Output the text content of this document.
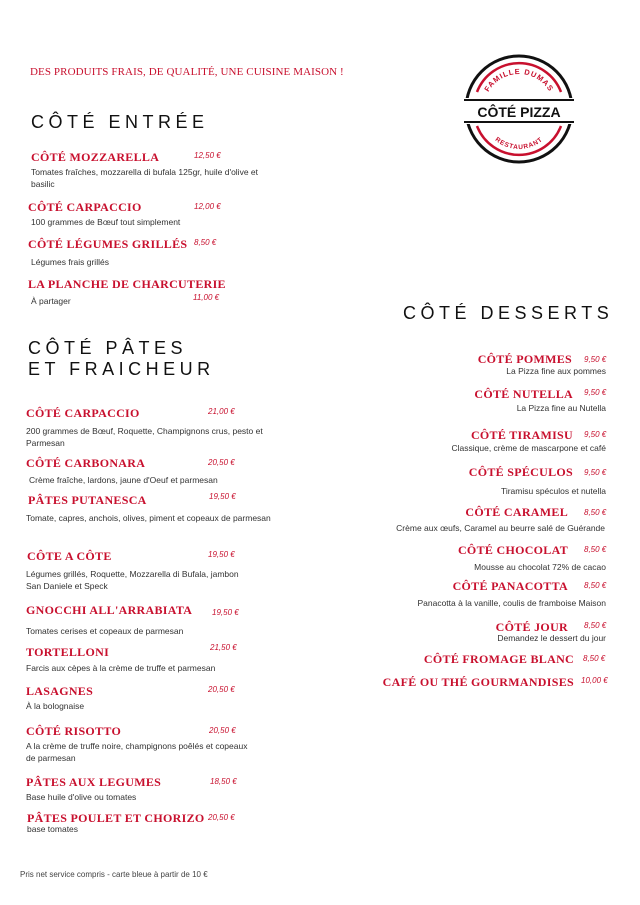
DES PRODUITS FRAIS, DE QUALITÉ, UNE CUISINE MAISON !
FAMILLE DUMAS
CÔTÉ PIZZA
RESTAURANT
CÔTÉ ENTRÉE
CÔTÉ MOZZARELLA	12,50 €
Tomates fraîches, mozzarella di bufala 125gr, huile d'olive et basilic
CÔTÉ CARPACCIO	12,00 €
100 grammes de Bœuf tout simplement
CÔTÉ LÉGUMES GRILLÉS 8,50 €
Légumes frais grillés
LA PLANCHE DE CHARCUTERIE
11,00 €
À partager
CÔTÉ PÂTES
ET FRAICHEUR
CÔTÉ CARPACCIO	21,00 €
200 grammes de Bœuf, Roquette, Champignons crus, pesto et Parmesan
CÔTÉ CARBONARA	20,50 €
Crème fraîche, lardons, jaune d'Oeuf et parmesan
PÂTES PUTANESCA	19,50 €
Tomate, capres, anchois, olives, piment et copeaux de parmesan
CÔTE A CÔTE	19,50 €
Légumes grillés, Roquette, Mozzarella di Bufala, jambon San Daniele et Speck
GNOCCHI ALL'ARRABIATA 19,50 €
Tomates cerises et copeaux de parmesan
TORTELLONI	21,50 €
Farcis aux cèpes à la crème de truffe et parmesan
LASAGNES	20,50 €
À la bolognaise
CÔTÉ RISOTTO	20,50 €
A la crème de truffe noire, champignons poêlés et copeaux de parmesan
PÂTES AUX LEGUMES	18,50 €
Base huile d'olive ou tomates
PÂTES POULET ET CHORIZO 20,50 €
base tomates
CÔTÉ DESSERTS
CÔTÉ POMMES 9,50 €
La Pizza fine aux pommes
CÔTÉ NUTELLA 9,50 €
La Pizza fine au Nutella
CÔTÉ TIRAMISU 9,50 €
Classique, crème de mascarpone et café
CÔTÉ SPÉCULOS 9,50 €
Tiramisu spéculos et nutella
CÔTÉ CARAMEL 8,50 €
Crème aux œufs, Caramel au beurre salé de Guérande
CÔTÉ CHOCOLAT 8,50 €
Mousse au chocolat 72% de cacao
CÔTÉ PANACOTTA 8,50 €
Panacotta à la vanille, coulis de framboise Maison
CÔTÉ JOUR 8,50 €
Demandez le dessert du jour
CÔTÉ FROMAGE BLANC 8,50 €
CAFÉ OU THÉ GOURMANDISES 10,00 €
Pris net service compris - carte bleue à partir de 10 €
